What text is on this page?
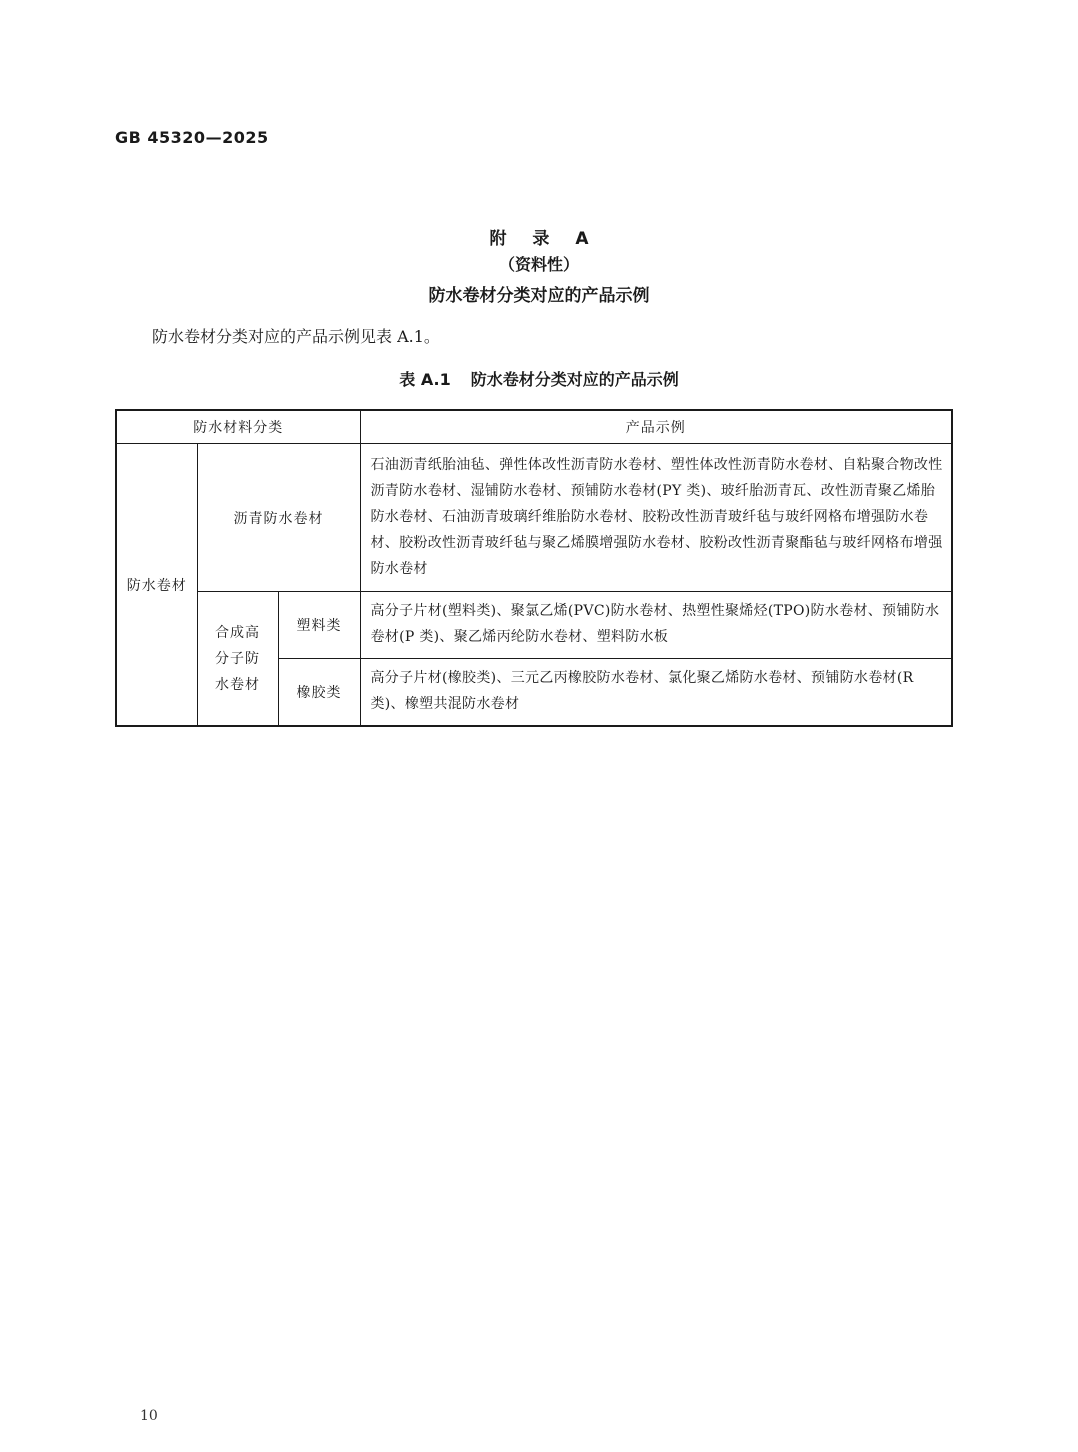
GB 45320—2025
附 录 A
（资料性）
防水卷材分类对应的产品示例
防水卷材分类对应的产品示例见表 A.1。
表 A.1 防水卷材分类对应的产品示例
防水材料分类			产品示例
防水卷材	沥青防水卷材		石油沥青纸胎油毡、弹性体改性沥青防水卷材、塑性体改性沥青防水卷材、自粘聚合物改性沥青防水卷材、湿铺防水卷材、预铺防水卷材(PY 类)、玻纤胎沥青瓦、改性沥青聚乙烯胎防水卷材、石油沥青玻璃纤维胎防水卷材、胶粉改性沥青玻纤毡与玻纤网格布增强防水卷材、胶粉改性沥青玻纤毡与聚乙烯膜增强防水卷材、胶粉改性沥青聚酯毡与玻纤网格布增强防水卷材
	合成高分子防水卷材	塑料类	高分子片材(塑料类)、聚氯乙烯(PVC)防水卷材、热塑性聚烯烃(TPO)防水卷材、预铺防水卷材(P 类)、聚乙烯丙纶防水卷材、塑料防水板
		橡胶类	高分子片材(橡胶类)、三元乙丙橡胶防水卷材、氯化聚乙烯防水卷材、预铺防水卷材(R 类)、橡塑共混防水卷材
10
